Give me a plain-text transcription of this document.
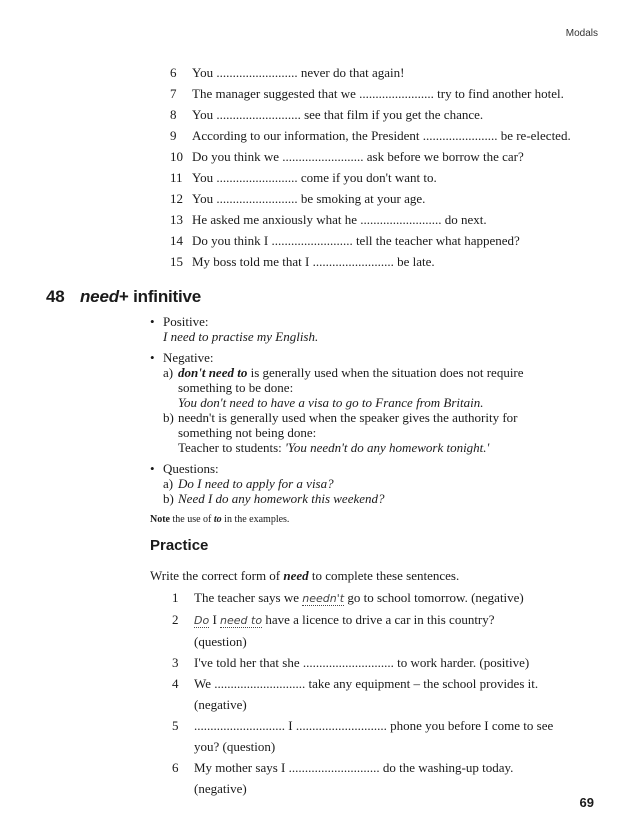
Modals
6	You ......................... never do that again!
7	The manager suggested that we ....................... try to find another hotel.
8	You .......................... see that film if you get the chance.
9	According to our information, the President ....................... be re-elected.
10 Do you think we ......................... ask before we borrow the car?
11 You ......................... come if you don't want to.
12 You ......................... be smoking at your age.
13 He asked me anxiously what he ......................... do next.
14 Do you think I ......................... tell the teacher what happened?
15 My boss told me that I ......................... be late.
48 need+ infinitive
• Positive:
I need to practise my English.
• Negative:
a) don't need to is generally used when the situation does not require
something to be done:
You don't need to have a visa to go to France from Britain.
b) needn't is generally used when the speaker gives the authority for
something not being done:
Teacher to students: 'You needn't do any homework tonight.'
• Questions:
a) Do I need to apply for a visa?
b) Need I do any homework this weekend?
Note the use of to in the examples.
Practice
Write the correct form of need to complete these sentences.
1	The teacher says we needn't go to school tomorrow. (negative)
2	Do I need to have a licence to drive a car in this country?
(question)
3	I've told her that she ............................ to work harder. (positive)
4	We ............................ take any equipment – the school provides it.
(negative)
5	............................ I ............................ phone you before I come to see
you? (question)
6	My mother says I ............................ do the washing-up today.
(negative)
69
